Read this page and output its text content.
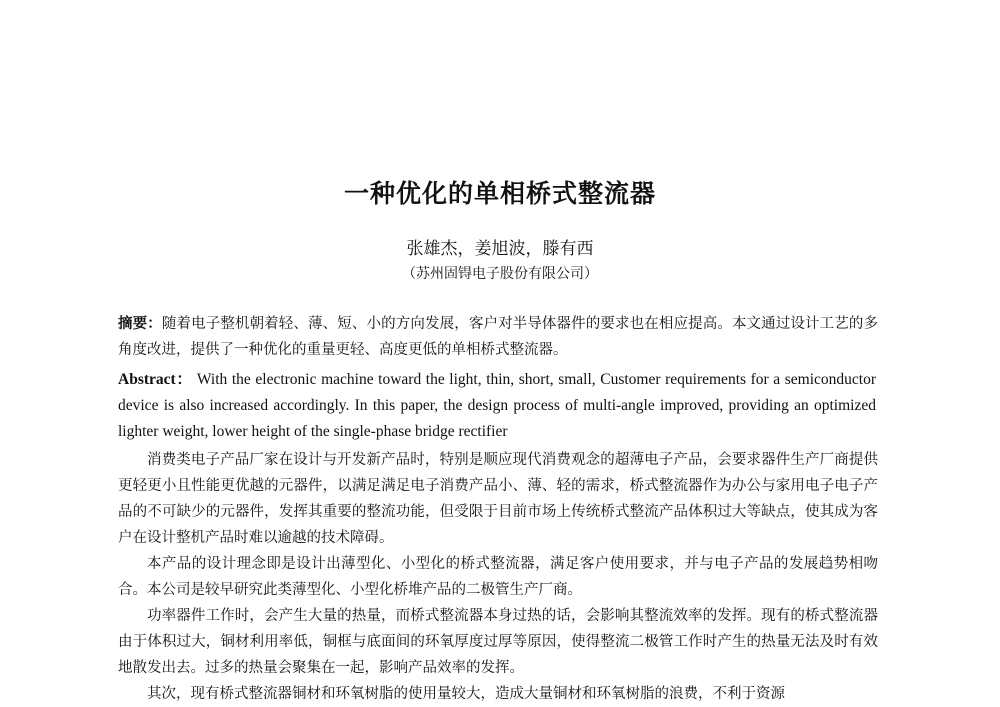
一种优化的单相桥式整流器
张雄杰，姜旭波，滕有西
（苏州固锝电子股份有限公司）
摘要：随着电子整机朝着轻、薄、短、小的方向发展，客户对半导体器件的要求也在相应提高。本文通过设计工艺的多角度改进，提供了一种优化的重量更轻、高度更低的单相桥式整流器。
Abstract： With the electronic machine toward the light, thin, short, small, Customer requirements for a semiconductor device is also increased accordingly. In this paper, the design process of multi-angle improved, providing an optimized lighter weight, lower height of the single-phase bridge rectifier

消费类电子产品厂家在设计与开发新产品时，特别是顺应现代消费观念的超薄电子产品，会要求器件生产厂商提供更轻更小且性能更优越的元器件，以满足满足电子消费产品小、薄、轻的需求，桥式整流器作为办公与家用电子电子产品的不可缺少的元器件，发挥其重要的整流功能，但受限于目前市场上传统桥式整流产品体积过大等缺点，使其成为客户在设计整机产品时难以逾越的技术障碍。

本产品的设计理念即是设计出薄型化、小型化的桥式整流器，满足客户使用要求，并与电子产品的发展趋势相吻合。本公司是较早研究此类薄型化、小型化桥堆产品的二极管生产厂商。

功率器件工作时，会产生大量的热量，而桥式整流器本身过热的话，会影响其整流效率的发挥。现有的桥式整流器由于体积过大，铜材利用率低，铜框与底面间的环氧厚度过厚等原因，使得整流二极管工作时产生的热量无法及时有效地散发出去。过多的热量会聚集在一起，影响产品效率的发挥。

其次，现有桥式整流器铜材和环氧树脂的使用量较大，造成大量铜材和环氧树脂的浪费，不利于资源
